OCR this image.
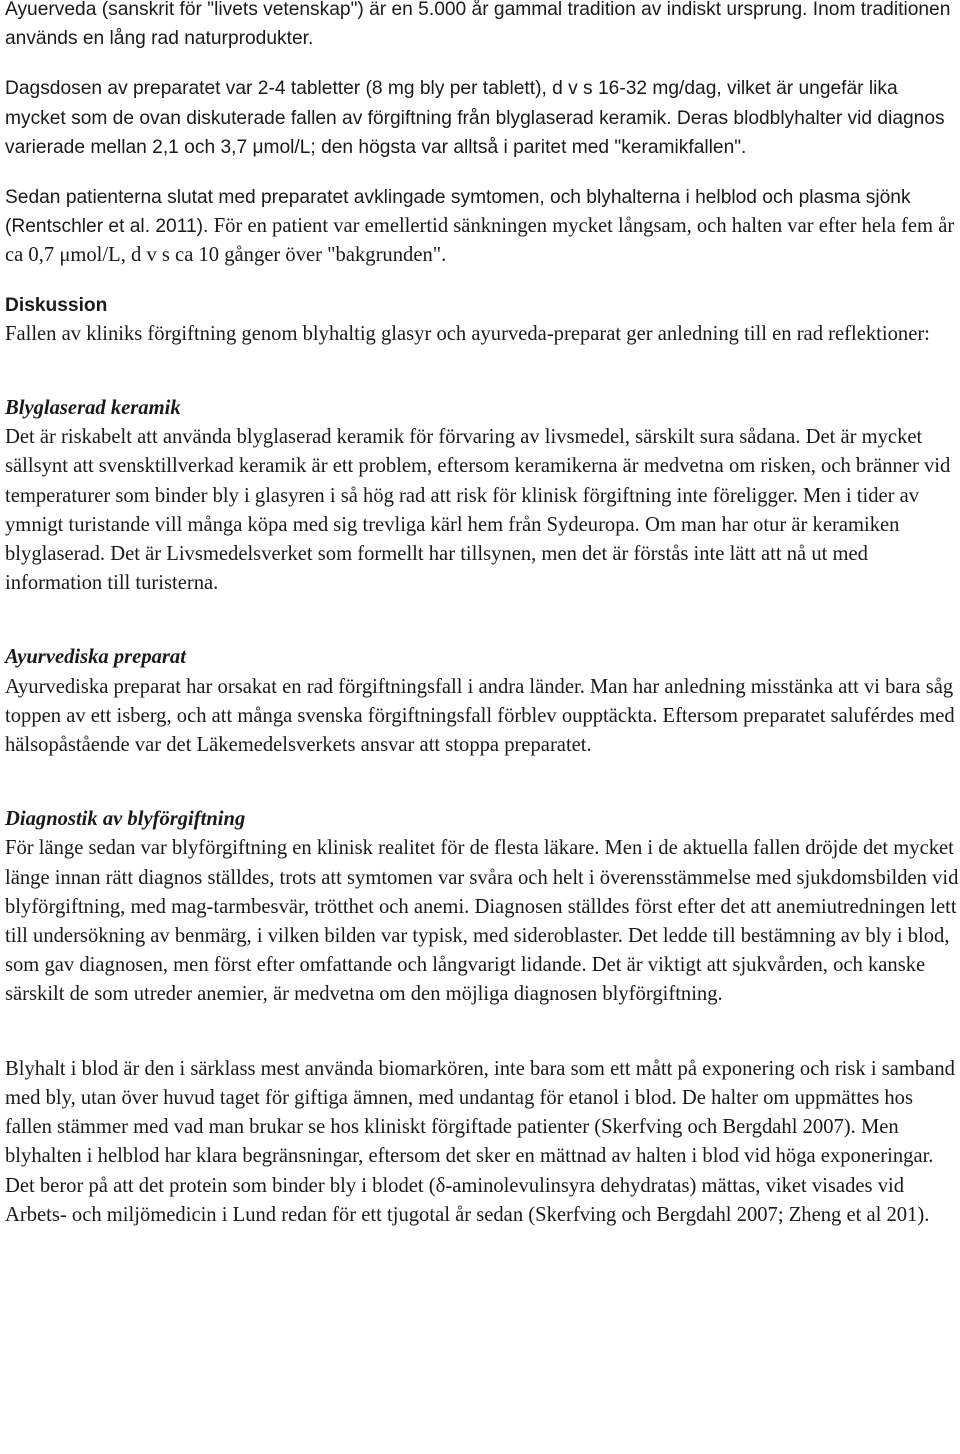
Ayuerveda (sanskrit för "livets vetenskap") är en 5.000 år gammal tradition av indiskt ursprung. Inom traditionen används en lång rad naturprodukter.

Dagsdosen av preparatet var 2-4 tabletter (8 mg bly per tablett), d v s 16-32 mg/dag, vilket är ungefär lika mycket som de ovan diskuterade fallen av förgiftning från blyglaserad keramik. Deras blodblyhalter vid diagnos varierade mellan 2,1 och 3,7 μmol/L; den högsta var alltså i paritet med "keramikfallen".

Sedan patienterna slutat med preparatet avklingade symtomen, och blyhalterna i helblod och plasma sjönk (Rentschler et al. 2011). För en patient var emellertid sänkningen mycket långsam, och halten var efter hela fem år ca 0,7 μmol/L, d v s ca 10 gånger över "bakgrunden".

Diskussion
Fallen av kliniks förgiftning genom blyhaltig glasyr och ayurveda-preparat ger anledning till en rad reflektioner:

Blyglaserad keramik
Det är riskabelt att använda blyglaserad keramik för förvaring av livsmedel, särskilt sura sådana. Det är mycket sällsynt att svensktillverkad keramik är ett problem, eftersom keramikerna är medvetna om risken, och bränner vid temperaturer som binder bly i glasyren i så hög rad att risk för klinisk förgiftning inte föreligger. Men i tider av ymnigt turistande vill många köpa med sig trevliga kärl hem från Sydeuropa. Om man har otur är keramiken blyglaserad. Det är Livsmedelsverket som formellt har tillsynen, men det är förstås inte lätt att nå ut med information till turisterna.

Ayurvediska preparat
Ayurvediska preparat har orsakat en rad förgiftningsfall i andra länder. Man har anledning misstänka att vi bara såg toppen av ett isberg, och att många svenska förgiftningsfall förblev oupptäckta. Eftersom preparatet saluférdes med hälsopåstående var det Läkemedelsverkets ansvar att stoppa preparatet.

Diagnostik av blyförgiftning
För länge sedan var blyförgiftning en klinisk realitet för de flesta läkare. Men i de aktuella fallen dröjde det mycket länge innan rätt diagnos ställdes, trots att symtomen var svåra och helt i överensstämmelse med sjukdomsbilden vid blyförgiftning, med mag-tarmbesvär, trötthet och anemi. Diagnosen ställdes först efter det att anemiutredningen lett till undersökning av benmärg, i vilken bilden var typisk, med sideroblaster. Det ledde till bestämning av bly i blod, som gav diagnosen, men först efter omfattande och långvarigt lidande. Det är viktigt att sjukvården, och kanske särskilt de som utreder anemier, är medvetna om den möjliga diagnosen blyförgiftning.

Blyhalt i blod är den i särklass mest använda biomarkören, inte bara som ett mått på exponering och risk i samband med bly, utan över huvud taget för giftiga ämnen, med undantag för etanol i blod. De halter om uppmättes hos fallen stämmer med vad man brukar se hos kliniskt förgiftade patienter (Skerfving och Bergdahl 2007). Men blyhalten i helblod har klara begränsningar, eftersom det sker en mättnad av halten i blod vid höga exponeringar. Det beror på att det protein som binder bly i blodet (δ-aminolevulinsyra dehydratas) mättas, viket visades vid Arbets- och miljömedicin i Lund redan för ett tjugotal år sedan (Skerfving och Bergdahl 2007; Zheng et al 201).
